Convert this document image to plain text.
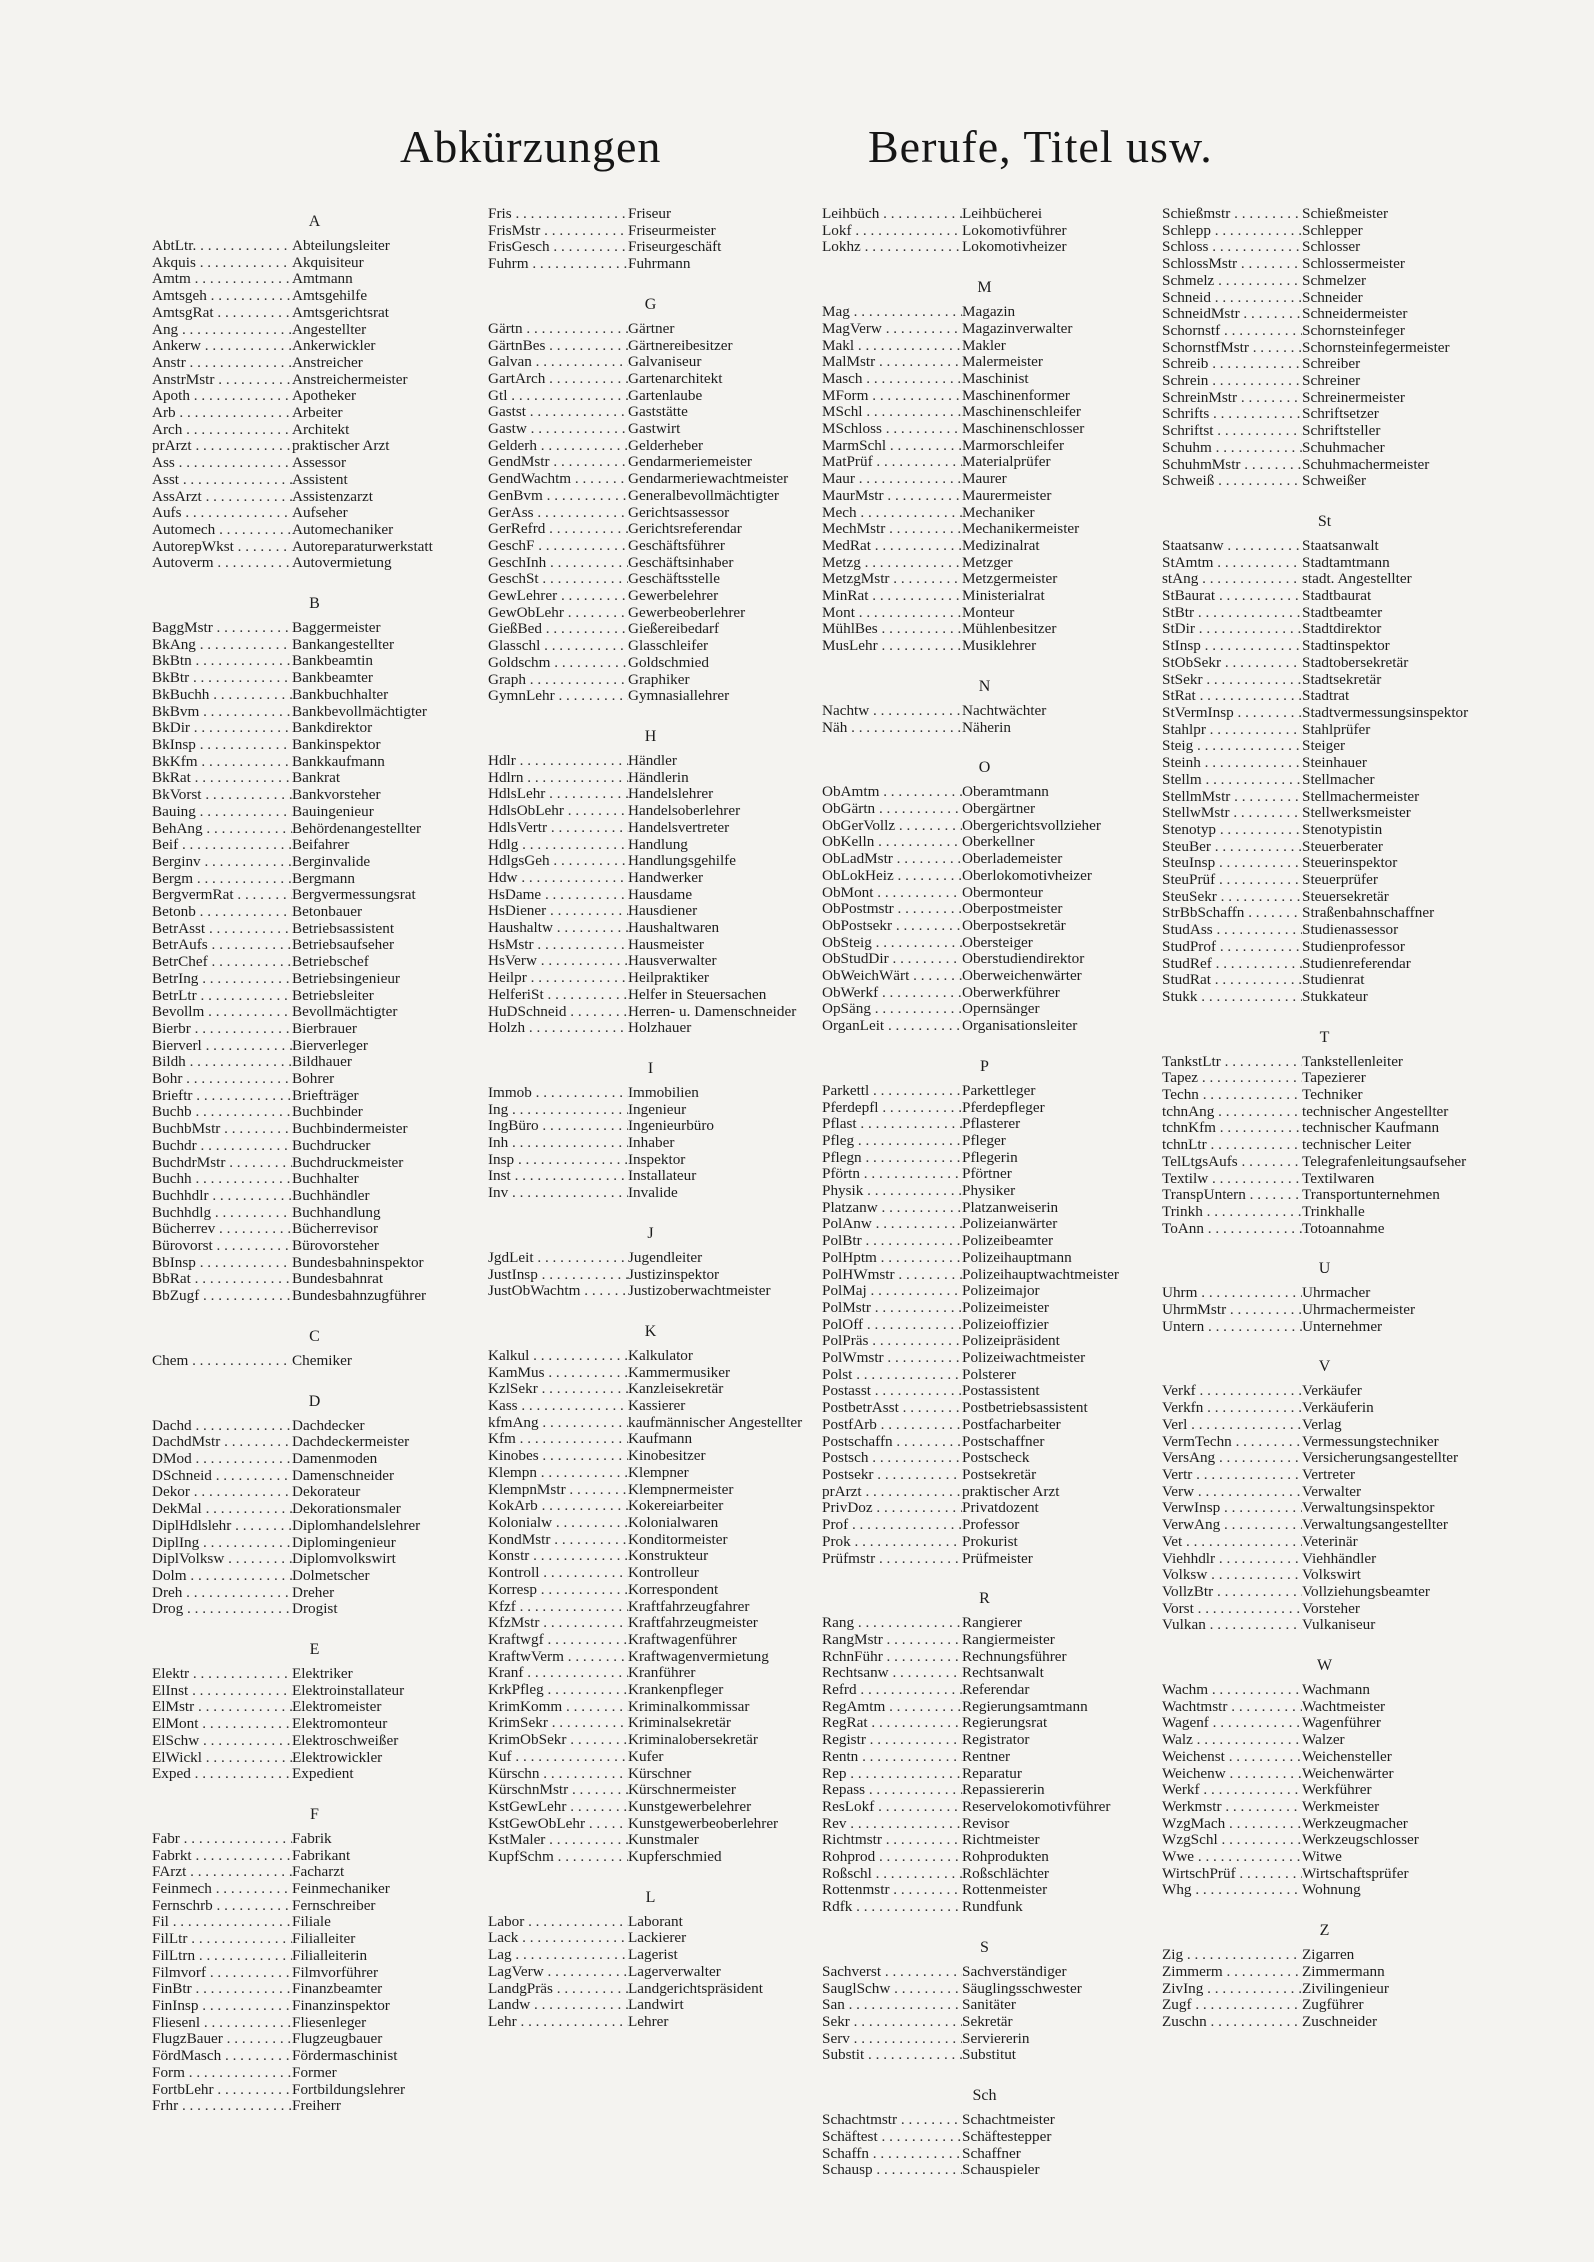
Abkürzungen	Berufe, Titel usw.
A
AbtLtr. . . .	Abteilungsleiter
Akquis . . .	Akquisiteur
Amtm . . .	Amtmann
Amtsgeh . . .	Amtsgehilfe
AmtsgRat . . .	Amtsgerichtsrat
Ang . . .	Angestellter
Ankerw . . .	Ankerwickler
Anstr . . .	Anstreicher
AnstrMstr . . .	Anstreichermeister
Apoth . . .	Apotheker
Arb . . .	Arbeiter
Arch . . .	Architekt
prArzt . . .	praktischer Arzt
Ass . . .	Assessor
Asst . . .	Assistent
AssArzt . . .	Assistenzarzt
Aufs . . .	Aufseher
Automech . . .	Automechaniker
AutorepWkst . . .	Autoreparaturwerkstatt
Autoverm . . .	Autovermietung
B
BaggMstr . . .	Baggermeister
BkAng . . .	Bankangestellter
BkBtn . . .	Bankbeamtin
BkBtr . . .	Bankbeamter
BkBuchh . . .	Bankbuchhalter
BkBvm . . .	Bankbevollmächtigter
BkDir . . .	Bankdirektor
BkInsp . . .	Bankinspektor
BkKfm . . .	Bankkaufmann
BkRat . . .	Bankrat
BkVorst . . .	Bankvorsteher
Bauing . . .	Bauingenieur
BehAng . . .	Behördenangestellter
Beif . . .	Beifahrer
Berginv . . .	Berginvalide
Bergm . . .	Bergmann
BergvermRat . . .	Bergvermessungsrat
Betonb . . .	Betonbauer
BetrAsst . . .	Betriebsassistent
BetrAufs . . .	Betriebsaufseher
BetrChef . . .	Betriebschef
BetrIng . . .	Betriebsingenieur
BetrLtr . . .	Betriebsleiter
Bevollm . . .	Bevollmächtigter
Bierbr . . .	Bierbrauer
Bierverl . . .	Bierverleger
Bildh . . .	Bildhauer
Bohr . . .	Bohrer
Brieftr . . .	Briefträger
Buchb . . .	Buchbinder
BuchbMstr . . .	Buchbindermeister
Buchdr . . .	Buchdrucker
BuchdrMstr . . .	Buchdruckmeister
Buchh . . .	Buchhalter
Buchhdlr . . .	Buchhändler
Buchhdlg . . .	Buchhandlung
Bücherrev . . .	Bücherrevisor
Bürovorst . . .	Bürovorsteher
BbInsp . . .	Bundesbahninspektor
BbRat . . .	Bundesbahnrat
BbZugf . . .	Bundesbahnzugführer
C
Chem . . .	Chemiker
D
Dachd . . .	Dachdecker
DachdMstr . . .	Dachdeckermeister
DMod . . .	Damenmoden
DSchneid . . .	Damenschneider
Dekor . . .	Dekorateur
DekMal . . .	Dekorationsmaler
DiplHdlslehr . . .	Diplomhandelslehrer
DiplIng . . .	Diplomingenieur
DiplVolksw . . .	Diplomvolkswirt
Dolm . . .	Dolmetscher
Dreh . . .	Dreher
Drog . . .	Drogist
E
Elektr . . .	Elektriker
ElInst . . .	Elektroinstallateur
ElMstr . . .	Elektromeister
ElMont . . .	Elektromonteur
ElSchw . . .	Elektroschweißer
ElWickl . . .	Elektrowickler
Exped . . .	Expedient
F
Fabr . . .	Fabrik
Fabrkt . . .	Fabrikant
FArzt . . .	Facharzt
Feinmech . . .	Feinmechaniker
Fernschrb . . .	Fernschreiber
Fil . . .	Filiale
FilLtr . . .	Filialleiter
FilLtrn . . .	Filialleiterin
Filmvorf . . .	Filmvorführer
FinBtr . . .	Finanzbeamter
FinInsp . . .	Finanzinspektor
Fliesenl . . .	Fliesenleger
FlugzBauer . . .	Flugzeugbauer
FördMasch . . .	Fördermaschinist
Form . . .	Former
FortbLehr . . .	Fortbildungslehrer
Frhr . . .	Freiherr
Fris . . .	Friseur
FrisMstr . . .	Friseurmeister
FrisGesch . . .	Friseurgeschäft
Fuhrm . . .	Fuhrmann
G
Gärtn . . .	Gärtner
GärtnBes . . .	Gärtnereibesitzer
Galvan . . .	Galvaniseur
GartArch . . .	Gartenarchitekt
Gtl . . .	Gartenlaube
Gastst . . .	Gaststätte
Gastw . . .	Gastwirt
Gelderh . . .	Gelderheber
GendMstr . . .	Gendarmeriemeister
GendWachtm . . .	Gendarmeriewachtmeister
GenBvm . . .	Generalbevollmächtigter
GerAss . . .	Gerichtsassessor
GerRefrd . . .	Gerichtsreferendar
GeschF . . .	Geschäftsführer
GeschInh . . .	Geschäftsinhaber
GeschSt . . .	Geschäftsstelle
GewLehrer . . .	Gewerbelehrer
GewObLehr . . .	Gewerbeoberlehrer
GießBed . . .	Gießereibedarf
Glasschl . . .	Glasschleifer
Goldschm . . .	Goldschmied
Graph . . .	Graphiker
GymnLehr . . .	Gymnasiallehrer
H
Hdlr . . .	Händler
Hdlrn . . .	Händlerin
HdlsLehr . . .	Handelslehrer
HdlsObLehr . . .	Handelsoberlehrer
HdlsVertr . . .	Handelsvertreter
Hdlg . . .	Handlung
HdlgsGeh . . .	Handlungsgehilfe
Hdw . . .	Handwerker
HsDame . . .	Hausdame
HsDiener . . .	Hausdiener
Haushaltw . . .	Haushaltwaren
HsMstr . . .	Hausmeister
HsVerw . . .	Hausverwalter
Heilpr . . .	Heilpraktiker
HelferiSt . . .	Helfer in Steuersachen
HuDSchneid . . .	Herren- u. Damenschneider
Holzh . . .	Holzhauer
I
Immob . . .	Immobilien
Ing . . .	Ingenieur
IngBüro . . .	Ingenieurbüro
Inh . . .	Inhaber
Insp . . .	Inspektor
Inst . . .	Installateur
Inv . . .	Invalide
J
JgdLeit . . .	Jugendleiter
JustInsp . . .	Justizinspektor
JustObWachtm . . .	Justizoberwachtmeister
K
Kalkul . . .	Kalkulator
KamMus . . .	Kammermusiker
KzlSekr . . .	Kanzleisekretär
Kass . . .	Kassierer
kfmAng . . .	kaufmännischer Angestellter
Kfm . . .	Kaufmann
Kinobes . . .	Kinobesitzer
Klempn . . .	Klempner
KlempnMstr . . .	Klempnermeister
KokArb . . .	Kokereiarbeiter
Kolonialw . . .	Kolonialwaren
KondMstr . . .	Konditormeister
Konstr . . .	Konstrukteur
Kontroll . . .	Kontrolleur
Korresp . . .	Korrespondent
Kfzf . . .	Kraftfahrzeugfahrer
KfzMstr . . .	Kraftfahrzeugmeister
Kraftwgf . . .	Kraftwagenführer
KraftwVerm . . .	Kraftwagenvermietung
Kranf . . .	Kranführer
KrkPfleg . . .	Krankenpfleger
KrimKomm . . .	Kriminalkommissar
KrimSekr . . .	Kriminalsekretär
KrimObSekr . . .	Kriminalobersekretär
Kuf . . .	Kufer
Kürschn . . .	Kürschner
KürschnMstr . . .	Kürschnermeister
KstGewLehr . . .	Kunstgewerbelehrer
KstGewObLehr . . .	Kunstgewerbeoberlehrer
KstMaler . . .	Kunstmaler
KupfSchm . . .	Kupferschmied
L
Labor . . .	Laborant
Lack . . .	Lackierer
Lag . . .	Lagerist
LagVerw . . .	Lagerverwalter
LandgPräs . . .	Landgerichtspräsident
Landw . . .	Landwirt
Lehr . . .	Lehrer
Leihbüch . . .	Leihbücherei
Lokf . . .	Lokomotivführer
Lokhz . . .	Lokomotivheizer
M
Mag . . .	Magazin
MagVerw . . .	Magazinverwalter
Makl . . .	Makler
MalMstr . . .	Malermeister
Masch . . .	Maschinist
MForm . . .	Maschinenformer
MSchl . . .	Maschinenschleifer
MSchloss . . .	Maschinenschlosser
MarmSchl . . .	Marmorschleifer
MatPrüf . . .	Materialprüfer
Maur . . .	Maurer
MaurMstr . . .	Maurermeister
Mech . . .	Mechaniker
MechMstr . . .	Mechanikermeister
MedRat . . .	Medizinalrat
Metzg . . .	Metzger
MetzgMstr . . .	Metzgermeister
MinRat . . .	Ministerialrat
Mont . . .	Monteur
MühlBes . . .	Mühlenbesitzer
MusLehr . . .	Musiklehrer
N
Nachtw . . .	Nachtwächter
Näh . . .	Näherin
O
ObAmtm . . .	Oberamtmann
ObGärtn . . .	Obergärtner
ObGerVollz . . .	Obergerichtsvollzieher
ObKelln . . .	Oberkellner
ObLadMstr . . .	Oberlademeister
ObLokHeiz . . .	Oberlokomotivheizer
ObMont . . .	Obermonteur
ObPostmstr . . .	Oberpostmeister
ObPostsekr . . .	Oberpostsekretär
ObSteig . . .	Obersteiger
ObStudDir . . .	Oberstudiendirektor
ObWeichWärt . . .	Oberweichenwärter
ObWerkf . . .	Oberwerkführer
OpSäng . . .	Opernsänger
OrganLeit . . .	Organisationsleiter
P
Parkettl . . .	Parkettleger
Pferdepfl . . .	Pferdepfleger
Pflast . . .	Pflasterer
Pfleg . . .	Pfleger
Pflegn . . .	Pflegerin
Pförtn . . .	Pförtner
Physik . . .	Physiker
Platzanw . . .	Platzanweiserin
PolAnw . . .	Polizeianwärter
PolBtr . . .	Polizeibeamter
PolHptm . . .	Polizeihauptmann
PolHWmstr . . .	Polizeihauptwachtmeister
PolMaj . . .	Polizeimajor
PolMstr . . .	Polizeimeister
PolOff . . .	Polizeioffizier
PolPräs . . .	Polizeipräsident
PolWmstr . . .	Polizeiwachtmeister
Polst . . .	Polsterer
Postasst . . .	Postassistent
PostbetrAsst . . .	Postbetriebsassistent
PostfArb . . .	Postfacharbeiter
Postschaffn . . .	Postschaffner
Postsch . . .	Postscheck
Postsekr . . .	Postsekretär
prArzt . . .	praktischer Arzt
PrivDoz . . .	Privatdozent
Prof . . .	Professor
Prok . . .	Prokurist
Prüfmstr . . .	Prüfmeister
R
Rang . . .	Rangierer
RangMstr . . .	Rangiermeister
RchnFühr . . .	Rechnungsführer
Rechtsanw . . .	Rechtsanwalt
Refrd . . .	Referendar
RegAmtm . . .	Regierungsamtmann
RegRat . . .	Regierungsrat
Registr . . .	Registrator
Rentn . . .	Rentner
Rep . . .	Reparatur
Repass . . .	Repassiererin
ResLokf . . .	Reservelokomotivführer
Rev . . .	Revisor
Richtmstr . . .	Richtmeister
Rohprod . . .	Rohprodukten
Roßschl . . .	Roßschlächter
Rottenmstr . . .	Rottenmeister
Rdfk . . .	Rundfunk
S
Sachverst . . .	Sachverständiger
SauglSchw . . .	Säuglingsschwester
San . . .	Sanitäter
Sekr . . .	Sekretär
Serv . . .	Serviererin
Substit . . .	Substitut
Sch
Schachtmstr . . .	Schachtmeister
Schäftest . . .	Schäftestepper
Schaffn . . .	Schaffner
Schausp . . .	Schauspieler
Schießmstr . . .	Schießmeister
Schlepp . . .	Schlepper
Schloss . . .	Schlosser
SchlossMstr . . .	Schlossermeister
Schmelz . . .	Schmelzer
Schneid . . .	Schneider
SchneidMstr . . .	Schneidermeister
Schornstf . . .	Schornsteinfeger
SchornstfMstr . . .	Schornsteinfegermeister
Schreib . . .	Schreiber
Schrein . . .	Schreiner
SchreinMstr . . .	Schreinermeister
Schrifts . . .	Schriftsetzer
Schriftst . . .	Schriftsteller
Schuhm . . .	Schuhmacher
SchuhmMstr . . .	Schuhmachermeister
Schweiß . . .	Schweißer
St
Staatsanw . . .	Staatsanwalt
StAmtm . . .	Stadtamtmann
stAng . . .	stadt. Angestellter
StBaurat . . .	Stadtbaurat
StBtr . . .	Stadtbeamter
StDir . . .	Stadtdirektor
StInsp . . .	Stadtinspektor
StObSekr . . .	Stadtobersekretär
StSekr . . .	Stadtsekretär
StRat . . .	Stadtrat
StVermInsp . . .	Stadtvermessungsinspektor
Stahlpr . . .	Stahlprüfer
Steig . . .	Steiger
Steinh . . .	Steinhauer
Stellm . . .	Stellmacher
StellmMstr . . .	Stellmachermeister
StellwMstr . . .	Stellwerksmeister
Stenotyp . . .	Stenotypistin
SteuBer . . .	Steuerberater
SteuInsp . . .	Steuerinspektor
SteuPrüf . . .	Steuerprüfer
SteuSekr . . .	Steuersekretär
StrBbSchaffn . . .	Straßenbahnschaffner
StudAss . . .	Studienassessor
StudProf . . .	Studienprofessor
StudRef . . .	Studienreferendar
StudRat . . .	Studienrat
Stukk . . .	Stukkateur
T
TankstLtr . . .	Tankstellenleiter
Tapez . . .	Tapezierer
Techn . . .	Techniker
tchnAng . . .	technischer Angestellter
tchnKfm . . .	technischer Kaufmann
tchnLtr . . .	technischer Leiter
TelLtgsAufs . . .	Telegrafenleitungsaufseher
Textilw . . .	Textilwaren
TranspUntern . . .	Transportunternehmen
Trinkh . . .	Trinkhalle
ToAnn . . .	Totoannahme
U
Uhrm . . .	Uhrmacher
UhrmMstr . . .	Uhrmachermeister
Untern . . .	Unternehmer
V
Verkf . . .	Verkäufer
Verkfn . . .	Verkäuferin
Verl . . .	Verlag
VermTechn . . .	Vermessungstechniker
VersAng . . .	Versicherungsangestellter
Vertr . . .	Vertreter
Verw . . .	Verwalter
VerwInsp . . .	Verwaltungsinspektor
VerwAng . . .	Verwaltungsangestellter
Vet . . .	Veterinär
Viehhdlr . . .	Viehhändler
Volksw . . .	Volkswirt
VollzBtr . . .	Vollziehungsbeamter
Vorst . . .	Vorsteher
Vulkan . . .	Vulkaniseur
W
Wachm . . .	Wachmann
Wachtmstr . . .	Wachtmeister
Wagenf . . .	Wagenführer
Walz . . .	Walzer
Weichenst . . .	Weichensteller
Weichenw . . .	Weichenwärter
Werkf . . .	Werkführer
Werkmstr . . .	Werkmeister
WzgMach . . .	Werkzeugmacher
WzgSchl . . .	Werkzeugschlosser
Wwe . . .	Witwe
WirtschPrüf . . .	Wirtschaftsprüfer
Whg . . .	Wohnung
Z
Zig . . .	Zigarren
Zimmerm . . .	Zimmermann
ZivIng . . .	Zivilingenieur
Zugf . . .	Zugführer
Zuschn . . .	Zuschneider
